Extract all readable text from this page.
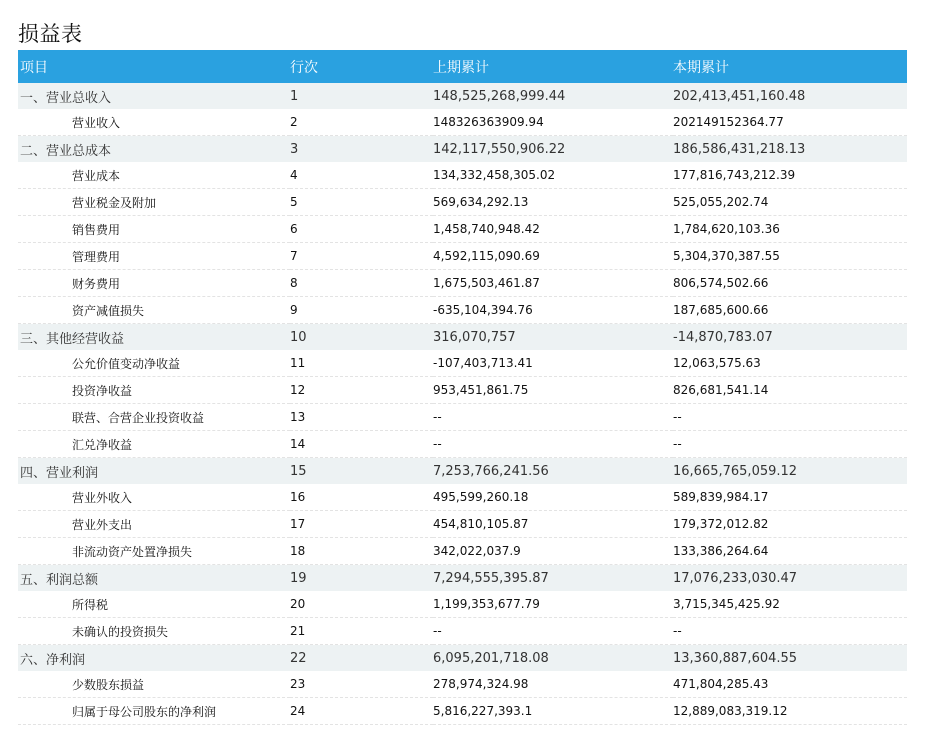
损益表
项目	行次	上期累计	本期累计
一、营业总收入	1	148,525,268,999.44	202,413,451,160.48
营业收入	2	148326363909.94	202149152364.77
二、营业总成本	3	142,117,550,906.22	186,586,431,218.13
营业成本	4	134,332,458,305.02	177,816,743,212.39
营业税金及附加	5	569,634,292.13	525,055,202.74
销售费用	6	1,458,740,948.42	1,784,620,103.36
管理费用	7	4,592,115,090.69	5,304,370,387.55
财务费用	8	1,675,503,461.87	806,574,502.66
资产减值损失	9	-635,104,394.76	187,685,600.66
三、其他经营收益	10	316,070,757	-14,870,783.07
公允价值变动净收益	11	-107,403,713.41	12,063,575.63
投资净收益	12	953,451,861.75	826,681,541.14
联营、合营企业投资收益	13	--	--
汇兑净收益	14	--	--
四、营业利润	15	7,253,766,241.56	16,665,765,059.12
营业外收入	16	495,599,260.18	589,839,984.17
营业外支出	17	454,810,105.87	179,372,012.82
非流动资产处置净损失	18	342,022,037.9	133,386,264.64
五、利润总额	19	7,294,555,395.87	17,076,233,030.47
所得税	20	1,199,353,677.79	3,715,345,425.92
未确认的投资损失	21	--	--
六、净利润	22	6,095,201,718.08	13,360,887,604.55
少数股东损益	23	278,974,324.98	471,804,285.43
归属于母公司股东的净利润	24	5,816,227,393.1	12,889,083,319.12
